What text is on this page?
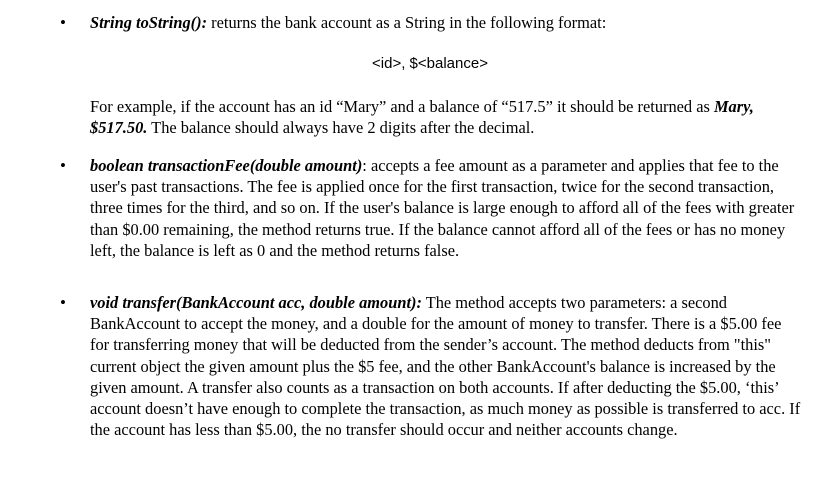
•	String toString(): returns the bank account as a String in the following format:
<id>, $<balance>
For example, if the account has an id “Mary” and a balance of “517.5” it should be returned as Mary, $517.50. The balance should always have 2 digits after the decimal.
•	boolean transactionFee(double amount): accepts a fee amount as a parameter and applies that fee to the user's past transactions. The fee is applied once for the first transaction, twice for the second transaction, three times for the third, and so on. If the user's balance is large enough to afford all of the fees with greater than $0.00 remaining, the method returns true. If the balance cannot afford all of the fees or has no money left, the balance is left as 0 and the method returns false.
•	void transfer(BankAccount acc, double amount): The method accepts two parameters: a second BankAccount to accept the money, and a double for the amount of money to transfer. There is a $5.00 fee for transferring money that will be deducted from the sender’s account. The method deducts from "this" current object the given amount plus the $5 fee, and the other BankAccount's balance is increased by the given amount. A transfer also counts as a transaction on both accounts. If after deducting the $5.00, ‘this’ account doesn’t have enough to complete the transaction, as much money as possible is transferred to acc. If the account has less than $5.00, the no transfer should occur and neither accounts change.
